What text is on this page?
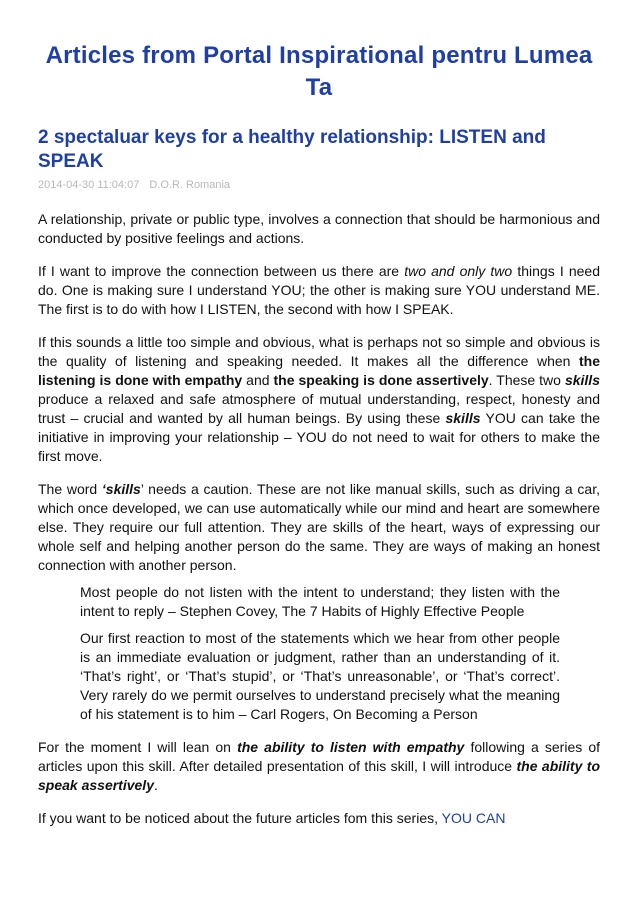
Articles from Portal Inspirational pentru Lumea Ta
2 spectaluar keys for a healthy relationship: LISTEN and SPEAK
2014-04-30 11:04:07 D.O.R. Romania

A relationship, private or public type, involves a connection that should be harmonious and conducted by positive feelings and actions.

If I want to improve the connection between us there are two and only two things I need do. One is making sure I understand YOU; the other is making sure YOU understand ME. The first is to do with how I LISTEN, the second with how I SPEAK.

If this sounds a little too simple and obvious, what is perhaps not so simple and obvious is the quality of listening and speaking needed. It makes all the difference when the listening is done with empathy and the speaking is done assertively. These two skills produce a relaxed and safe atmosphere of mutual understanding, respect, honesty and trust – crucial and wanted by all human beings. By using these skills YOU can take the initiative in improving your relationship – YOU do not need to wait for others to make the first move.

The word ‘skills’ needs a caution. These are not like manual skills, such as driving a car, which once developed, we can use automatically while our mind and heart are somewhere else. They require our full attention. They are skills of the heart, ways of expressing our whole self and helping another person do the same. They are ways of making an honest connection with another person.

Most people do not listen with the intent to understand; they listen with the intent to reply – Stephen Covey, The 7 Habits of Highly Effective People

Our first reaction to most of the statements which we hear from other people is an immediate evaluation or judgment, rather than an understanding of it. ‘That’s right’, or ‘That’s stupid’, or ‘That’s unreasonable’, or ‘That’s correct’. Very rarely do we permit ourselves to understand precisely what the meaning of his statement is to him – Carl Rogers, On Becoming a Person

For the moment I will lean on the ability to listen with empathy following a series of articles upon this skill. After detailed presentation of this skill, I will introduce the ability to speak assertively.

If you want to be noticed about the future articles fom this series, YOU CAN
